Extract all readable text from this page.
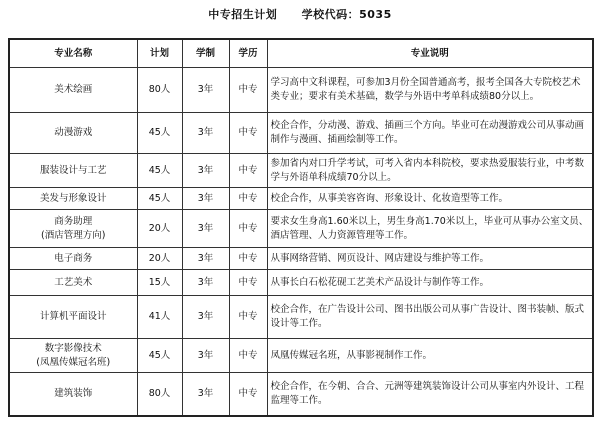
中专招生计划 学校代码：5035
专业名称	计划	学制	学历	专业说明
美术绘画	80人	3年	中专	学习高中文科课程，可参加3月份全国普通高考，报考全国各大专院校艺术类专业；要求有美术基础，数学与外语中考单科成绩80分以上。
动漫游戏	45人	3年	中专	校企合作，分动漫、游戏、插画三个方向。毕业可在动漫游戏公司从事动画制作与漫画、插画绘制等工作。
服装设计与工艺	45人	3年	中专	参加省内对口升学考试，可考入省内本科院校，要求热爱服装行业，中考数学与外语单科成绩70分以上。
美发与形象设计	45人	3年	中专	校企合作，从事美容咨询、形象设计、化妆造型等工作。

商务助理
(酒店管理方向)	20人	3年	中专	要求女生身高1.60米以上，男生身高1.70米以上，毕业可从事办公室文员、酒店管理、人力资源管理等工作。
电子商务	20人	3年	中专	从事网络营销、网页设计、网店建设与维护等工作。
工艺美术	15人	3年	中专	从事长白石松花砚工艺美术产品设计与制作等工作。
计算机平面设计	41人	3年	中专	校企合作，在广告设计公司、图书出版公司从事广告设计、图书装帧、版式设计等工作。

数字影像技术
(凤凰传媒冠名班)	45人	3年	中专	凤凰传媒冠名班，从事影视制作工作。
建筑装饰	80人	3年	中专	校企合作，在今朝、合合、元洲等建筑装饰设计公司从事室内外设计、工程监理等工作。
